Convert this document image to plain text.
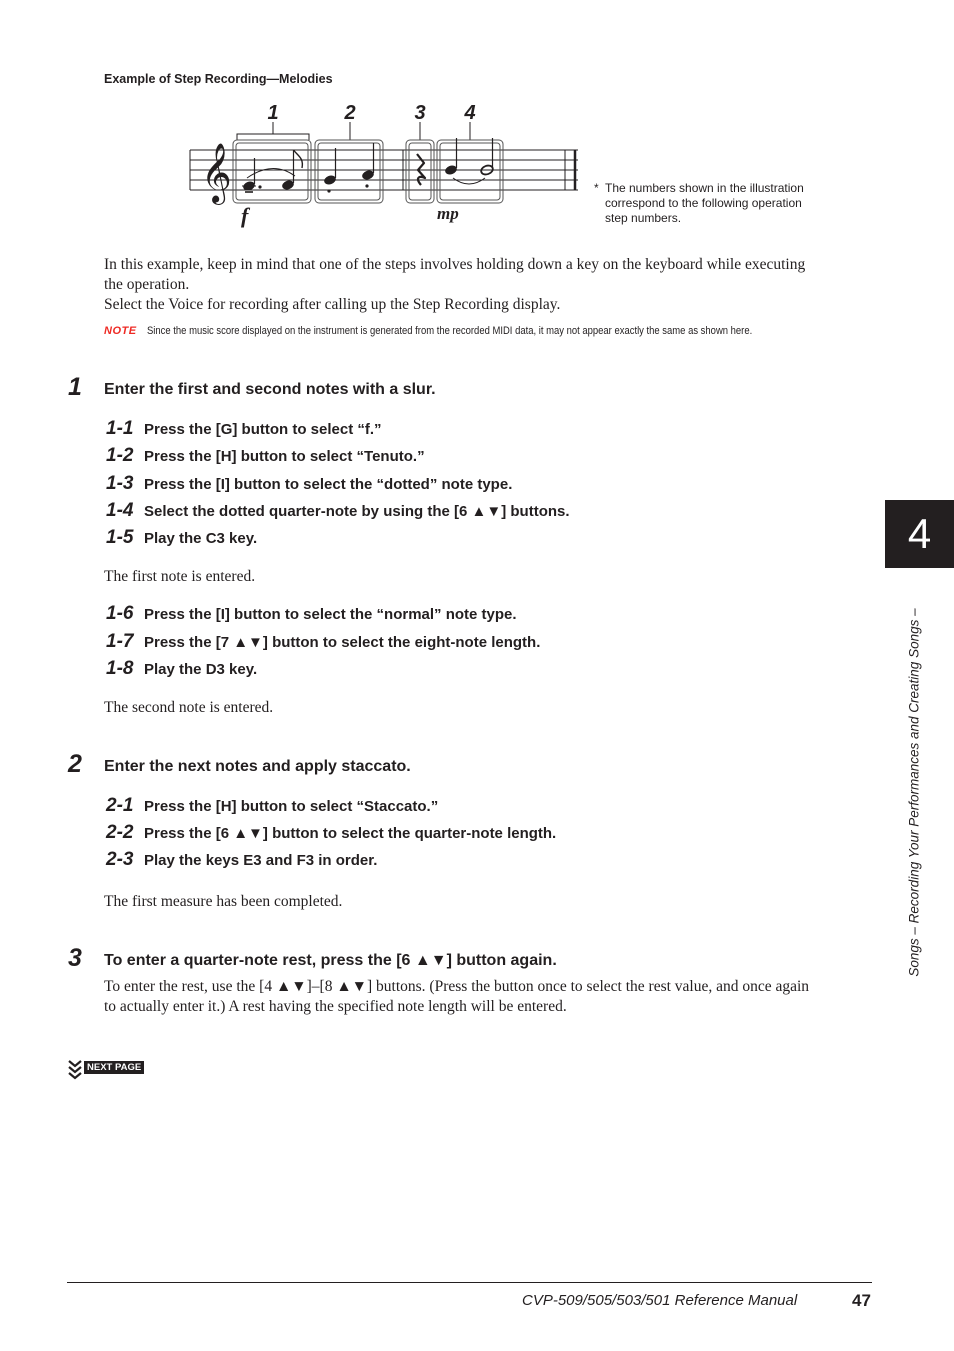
Example of Step Recording—Melodies
1	2	3 4
𝄞
f	mp
* The numbers shown in the illustration correspond to the following operation step numbers.
In this example, keep in mind that one of the steps involves holding down a key on the keyboard while executing the operation.
Select the Voice for recording after calling up the Step Recording display.
NOTE Since the music score displayed on the instrument is generated from the recorded MIDI data, it may not appear exactly the same as shown here.
1 Enter the first and second notes with a slur.
1-1 Press the [G] button to select “f.”
1-2 Press the [H] button to select “Tenuto.”
1-3 Press the [I] button to select the “dotted” note type.
1-4 Select the dotted quarter-note by using the [6 ▲▼] buttons.
1-5 Play the C3 key.
The first note is entered.
1-6 Press the [I] button to select the “normal” note type.
1-7 Press the [7 ▲▼] button to select the eight-note length.
1-8 Play the D3 key.
The second note is entered.
2 Enter the next notes and apply staccato.
2-1 Press the [H] button to select “Staccato.”
2-2 Press the [6 ▲▼] button to select the quarter-note length.
2-3 Play the keys E3 and F3 in order.
The first measure has been completed.
3 To enter a quarter-note rest, press the [6 ▲▼] button again.
To enter the rest, use the [4 ▲▼]–[8 ▲▼] buttons. (Press the button once to select the rest value, and once again to actually enter it.) A rest having the specified note length will be entered.
NEXT PAGE
4
Songs – Recording Your Performances and Creating Songs –
CVP-509/505/503/501 Reference Manual	47
